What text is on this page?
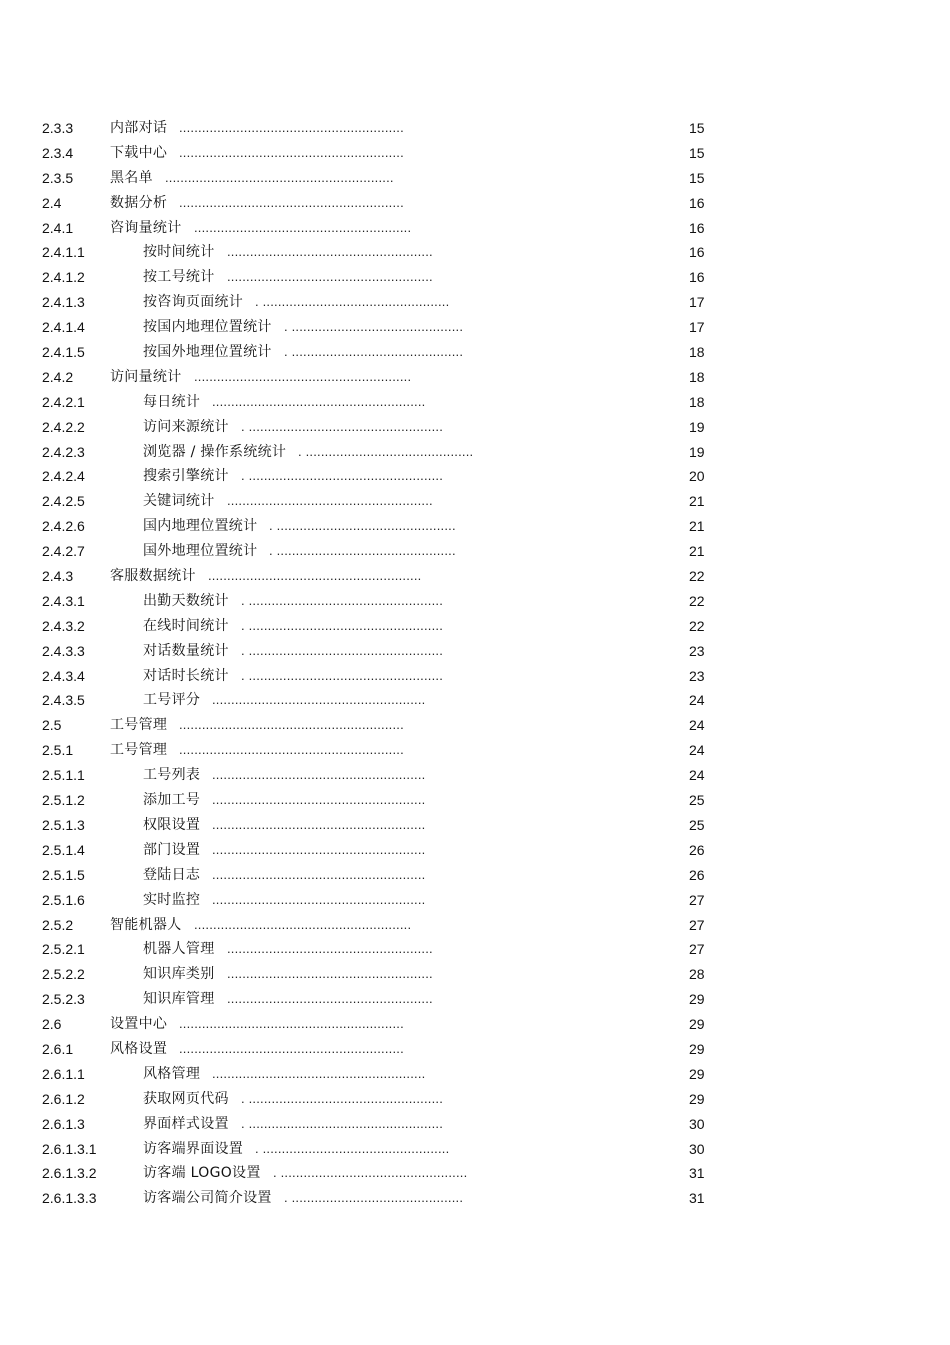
2.3.3	内部对话 ...........................................................	15
2.3.4	下载中心 ...........................................................	15
2.3.5	黑名单 ............................................................	15
2.4	数据分析 ...........................................................	16
2.4.1	咨询量统计 .........................................................	16
2.4.1.1	按时间统计 ......................................................	16
2.4.1.2	按工号统计 ......................................................	16
2.4.1.3	按咨询页面统计 . .................................................	17
2.4.1.4	按国内地理位置统计 . .............................................	17
2.4.1.5	按国外地理位置统计 . .............................................	18
2.4.2	访问量统计 .........................................................	18
2.4.2.1	每日统计 ........................................................	18
2.4.2.2	访问来源统计 . ...................................................	19
2.4.2.3	浏览器 / 操作系统统计 . ............................................	19
2.4.2.4	搜索引擎统计 . ...................................................	20
2.4.2.5	关键词统计 ......................................................	21
2.4.2.6	国内地理位置统计 . ...............................................	21
2.4.2.7	国外地理位置统计 . ...............................................	21
2.4.3	客服数据统计 ........................................................	22
2.4.3.1	出勤天数统计 . ...................................................	22
2.4.3.2	在线时间统计 . ...................................................	22
2.4.3.3	对话数量统计 . ...................................................	23
2.4.3.4	对话时长统计 . ...................................................	23
2.4.3.5	工号评分 ........................................................	24
2.5	工号管理 ...........................................................	24
2.5.1	工号管理 ...........................................................	24
2.5.1.1	工号列表 ........................................................	24
2.5.1.2	添加工号 ........................................................	25
2.5.1.3	权限设置 ........................................................	25
2.5.1.4	部门设置 ........................................................	26
2.5.1.5	登陆日志 ........................................................	26
2.5.1.6	实时监控 ........................................................	27
2.5.2	智能机器人 .........................................................	27
2.5.2.1	机器人管理 ......................................................	27
2.5.2.2	知识库类别 ......................................................	28
2.5.2.3	知识库管理 ......................................................	29
2.6	设置中心 ...........................................................	29
2.6.1	风格设置 ...........................................................	29
2.6.1.1	风格管理 ........................................................	29
2.6.1.2	获取网页代码 . ...................................................	29
2.6.1.3	界面样式设置 . ...................................................	30
2.6.1.3.1	访客端界面设置 . .................................................	30
2.6.1.3.2	访客端 LOGO设置 . .................................................	31
2.6.1.3.3	访客端公司简介设置 . .............................................	31
